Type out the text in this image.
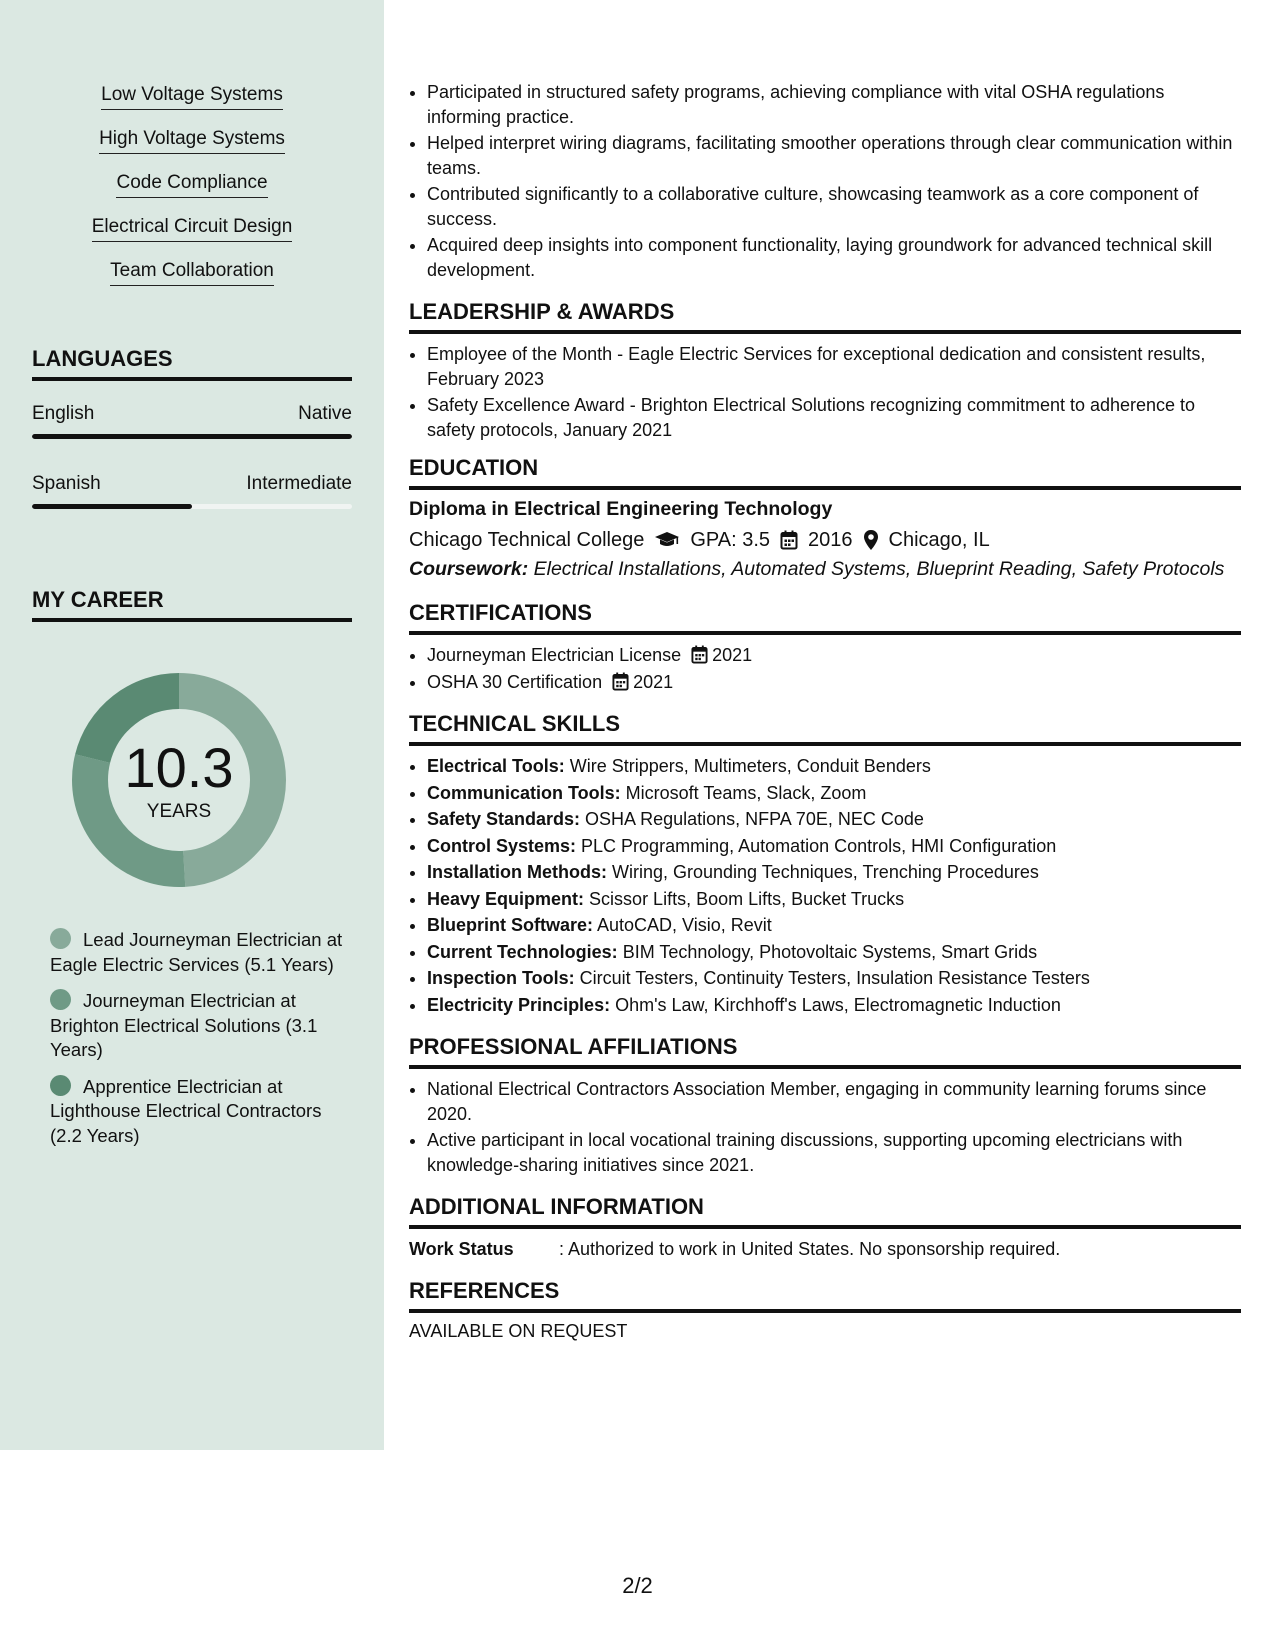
Low Voltage Systems
High Voltage Systems
Code Compliance
Electrical Circuit Design
Team Collaboration
LANGUAGES
English	Native
Spanish	Intermediate
MY CAREER
10.3
YEARS
Lead Journeyman Electrician at Eagle Electric Services (5.1 Years)
Journeyman Electrician at Brighton Electrical Solutions (3.1 Years)
Apprentice Electrician at Lighthouse Electrical Contractors (2.2 Years)
• Participated in structured safety programs, achieving compliance with vital OSHA regulations informing practice.
• Helped interpret wiring diagrams, facilitating smoother operations through clear communication within teams.
• Contributed significantly to a collaborative culture, showcasing teamwork as a core component of success.
• Acquired deep insights into component functionality, laying groundwork for advanced technical skill development.
LEADERSHIP & AWARDS
• Employee of the Month - Eagle Electric Services for exceptional dedication and consistent results, February 2023
• Safety Excellence Award - Brighton Electrical Solutions recognizing commitment to adherence to safety protocols, January 2021
EDUCATION
Diploma in Electrical Engineering Technology
Chicago Technical College GPA: 3.5 2016 Chicago, IL
Coursework: Electrical Installations, Automated Systems, Blueprint Reading, Safety Protocols
CERTIFICATIONS
• Journeyman Electrician License 2021
• OSHA 30 Certification 2021
TECHNICAL SKILLS
• Electrical Tools: Wire Strippers, Multimeters, Conduit Benders
• Communication Tools: Microsoft Teams, Slack, Zoom
• Safety Standards: OSHA Regulations, NFPA 70E, NEC Code
• Control Systems: PLC Programming, Automation Controls, HMI Configuration
• Installation Methods: Wiring, Grounding Techniques, Trenching Procedures
• Heavy Equipment: Scissor Lifts, Boom Lifts, Bucket Trucks
• Blueprint Software: AutoCAD, Visio, Revit
• Current Technologies: BIM Technology, Photovoltaic Systems, Smart Grids
• Inspection Tools: Circuit Testers, Continuity Testers, Insulation Resistance Testers
• Electricity Principles: Ohm's Law, Kirchhoff's Laws, Electromagnetic Induction
PROFESSIONAL AFFILIATIONS
• National Electrical Contractors Association Member, engaging in community learning forums since 2020.
• Active participant in local vocational training discussions, supporting upcoming electricians with knowledge-sharing initiatives since 2021.
ADDITIONAL INFORMATION
Work Status	: Authorized to work in United States. No sponsorship required.
REFERENCES
AVAILABLE ON REQUEST
2/2
